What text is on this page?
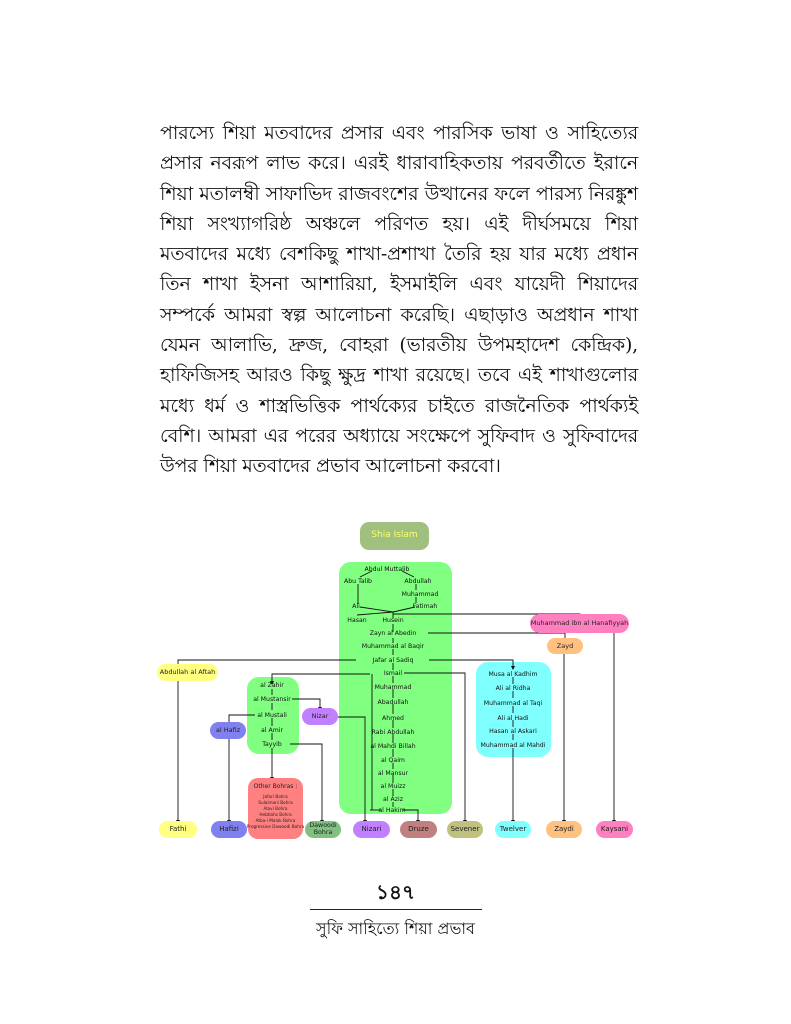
পারস্যে শিয়া মতবাদের প্রসার এবং পারসিক ভাষা ও সাহিত্যের প্রসার নবরূপ লাভ করে। এরই ধারাবাহিকতায় পরবর্তীতে ইরানে শিয়া মতালম্বী সাফাভিদ রাজবংশের উত্থানের ফলে পারস্য নিরঙ্কুশ শিয়া সংখ্যাগরিষ্ঠ অঞ্চলে পরিণত হয়। এই দীর্ঘসময়ে শিয়া মতবাদের মধ্যে বেশকিছু শাখা-প্রশাখা তৈরি হয় যার মধ্যে প্রধান তিন শাখা ইসনা আশারিয়া, ইসমাইলি এবং যায়েদী শিয়াদের সম্পর্কে আমরা স্বল্প আলোচনা করেছি। এছাড়াও অপ্রধান শাখা যেমন আলাভি, দ্রুজ, বোহরা (ভারতীয় উপমহাদেশ কেন্দ্রিক), হাফিজিসহ আরও কিছু ক্ষুদ্র শাখা রয়েছে। তবে এই শাখাগুলোর মধ্যে ধর্ম ও শাস্ত্রভিত্তিক পার্থক্যের চাইতে রাজনৈতিক পার্থক্যই বেশি। আমরা এর পরের অধ্যায়ে সংক্ষেপে সুফিবাদ ও সুফিবাদের উপর শিয়া মতবাদের প্রভাব আলোচনা করবো।

Shia Islam
Abdul Muttalib
Abu Talib	Abdullah
Muhammad
Ali	Fatimah
Hasan	Husein
Zayn al Abedin
Muhammad al Baqir
Jafar al Sadiq
Ismail
Muhammad
Abadullah
Ahmed
Rabi Abdullah
al Mahdi Billah
al Qaim
al Mansur
al Muizz
al Aziz
al Hakim
al Zahir
al Mustansir
al Mustali
al Amir
Tayyib
Musa al Kadhim
Ali al Ridha
Muhammad al Taqi
Ali al Hadi
Hasan al Askari
Muhammad al Mahdi
Muhammad ibn al Hanafiyyah
Zayd
Abdullah al Aftah
Nizar
al Hafiz
Other Bohras :
Jafari Bohra
Sulaimani Bohra
Alavi Bohra
Hebtiahs Bohra
Atba-i Malak Bohra
Progressive Dawoodi Bohra
Fathi	Hafizi	Dawoodi Bohra	Nizari	Druze	Sevener	Twelver	Zaydi	Kaysani
১৪৭
সুফি সাহিত্যে শিয়া প্রভাব
